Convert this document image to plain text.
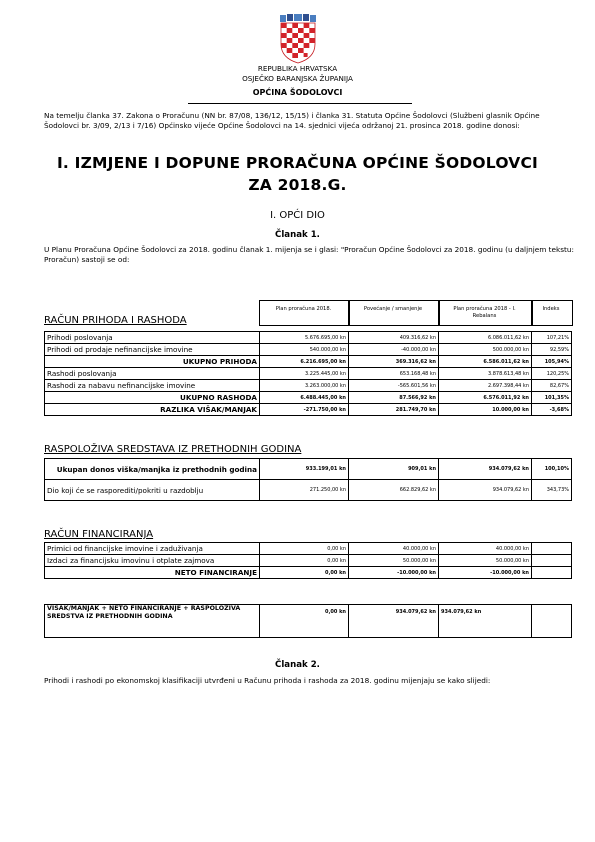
REPUBLIKA HRVATSKA
OSJEČKO BARANJSKA ŽUPANIJA
OPĆINA ŠODOLOVCI
Na temelju članka 37. Zakona o Proračunu (NN br. 87/08, 136/12, 15/15) i članka 31. Statuta Općine Šodolovci (Službeni glasnik Općine Šodolovci br. 3/09, 2/13 i 7/16) Općinsko vijeće Općine Šodolovci na 14. sjednici vijeća održanoj 21. prosinca 2018. godine donosi:
I. IZMJENE I DOPUNE PRORAČUNA OPĆINE ŠODOLOVCI
ZA 2018.G.
I. OPĆI DIO
Članak 1.
U Planu Proračuna Općine Šodolovci za 2018. godinu članak 1. mijenja se i glasi: "Proračun Općine Šodolovci za 2018. godinu (u daljnjem tekstu: Proračun) sastoji se od:
Plan proračuna 2018.	Povećanje / smanjenje	Plan proračuna 2018 - I. Rebalans
Indeks
RAČUN PRIHODA I RASHODA
Prihodi poslovanja	5.676.695,00 kn	409.316,62 kn	6.086.011,62 kn	107,21%
Prihodi od prodaje nefinancijske imovine	540.000,00 kn	-40.000,00 kn	500.000,00 kn	92,59%
UKUPNO PRIHODA	6.216.695,00 kn	369.316,62 kn	6.586.011,62 kn	105,94%
Rashodi poslovanja	3.225.445,00 kn	653.168,48 kn	3.878.613,48 kn	120,25%
Rashodi za nabavu nefinancijske imovine	3.263.000,00 kn	-565.601,56 kn	2.697.398,44 kn	82,67%
UKUPNO RASHODA	6.488.445,00 kn	87.566,92 kn	6.576.011,92 kn	101,35%
RAZLIKA VIŠAK/MANJAK	-271.750,00 kn	281.749,70 kn	10.000,00 kn	-3,68%
RASPOLOŽIVA SREDSTAVA IZ PRETHODNIH GODINA
Ukupan donos viška/manjka iz prethodnih godina	933.199,01 kn	909,01 kn	934.079,62 kn	100,10%
Dio koji će se rasporediti/pokriti u razdoblju	271.250,00 kn	662.829,62 kn	934.079,62 kn	343,73%
RAČUN FINANCIRANJA
Primici od financijske imovine i zaduživanja	0,00 kn	40.000,00 kn	40.000,00 kn	
Izdaci za financijsku imovinu i otplate zajmova	0,00 kn	50.000,00 kn	50.000,00 kn	
NETO FINANCIRANJE	0,00 kn	-10.000,00 kn	-10.000,00 kn	
VIŠAK/MANJAK + NETO FINANCIRANJE + RASPOLOŽIVA SREDSTVA IZ PRETHODNIH GODINA	0,00 kn	934.079,62 kn	934.079,62 kn	
Članak 2.
Prihodi i rashodi po ekonomskoj klasifikaciji utvrđeni u Računu prihoda i rashoda za 2018. godinu mijenjaju se kako slijedi:
